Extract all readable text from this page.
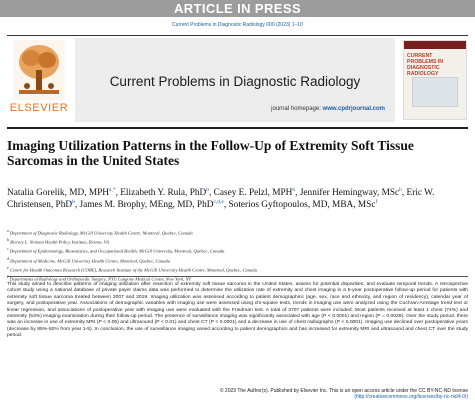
ARTICLE IN PRESS
Current Problems in Diagnostic Radiology 000 (2023) 1–10
ELSEVIER
Current Problems in Diagnostic Radiology
journal homepage: www.cpdrjournal.com
CURRENT PROBLEMS IN DIAGNOSTIC RADIOLOGY
Imaging Utilization Patterns in the Follow-Up of Extremity Soft Tissue Sarcomas in the United States
Natalia Gorelik, MD, $MPH^{a,*}$, Elizabeth Y. Rula, PhD$^b$, Casey E. Pelzl, MPH$^b$, Jennifer Hemingway, MSc$^b$, Eric W. Christensen, PhD$^b$, James M. Brophy, MEng, MD, PhD$^{c,d,e}$, Soterios Gyftopoulos, MD, MBA, MSc$^f$
$^a$ Department of Diagnostic Radiology, McGill University Health Centre, Montreal, Quebec, Canada
$^b$ Harvey L. Neiman Health Policy Institute, Reston, VA
$^c$ Department of Epidemiology, Biostatistics, and Occupational Health, McGill University, Montreal, Quebec, Canada
$^d$ Department of Medicine, McGill University Health Centre, Montreal, Quebec, Canada
$^e$ Centre for Health Outcomes Research (CORE), Research Institute of the McGill University Health Centre, Montreal, Quebec, Canada
$^f$ Departments of Radiology and Orthopaedic Surgery, NYU Langone Medical Center, New York, NY

This study aimed to describe patterns of imaging utilization after resection of extremity soft tissue sarcoma in the United States, assess for potential disparities, and evaluate temporal trends. A retrospective cohort study using a national database of private payer claims data was performed to determine the utilization rate of extremity and chest imaging in a 5-year postoperative follow-up period for patients with extremity soft tissue sarcoma treated between 2007 and 2019. Imaging utilization was assessed according to patient demographics (age, sex, race and ethnicity, and region of residency), calendar year of surgery, and postoperative year. Associations of demographic variables with imaging use were assessed using chi-square tests, trends in imaging use were analyzed using the Cochran-Armitage trend test or linear regression, and associations of postoperative year with imaging use were evaluated with the Friedman test. A total of 3707 patients were included. Most patients received at least 1 chest (74%) and extremity (53%) imaging examination during their follow-up period. The presence of surveillance imaging was significantly associated with age (P < 0.0001) and region (P = 0.0029). Over the study period, there was an increase in use of extremity MRI (P < 0.05) and ultrasound (P < 0.01) and chest CT (P < 0.0001) and a decrease in use of chest radiographs (P < 0.0001). Imaging use declined over postoperative years (decrease by 85%-92% from year 1-5). In conclusion, the use of surveillance imaging varied according to patient demographics and has increased for extremity MRI and ultrasound and chest CT over the study period.

© 2023 The Author(s). Published by Elsevier Inc. This is an open access article under the CC BY-NC-ND license
(http://creativecommons.org/licenses/by-nc-nd/4.0/)
